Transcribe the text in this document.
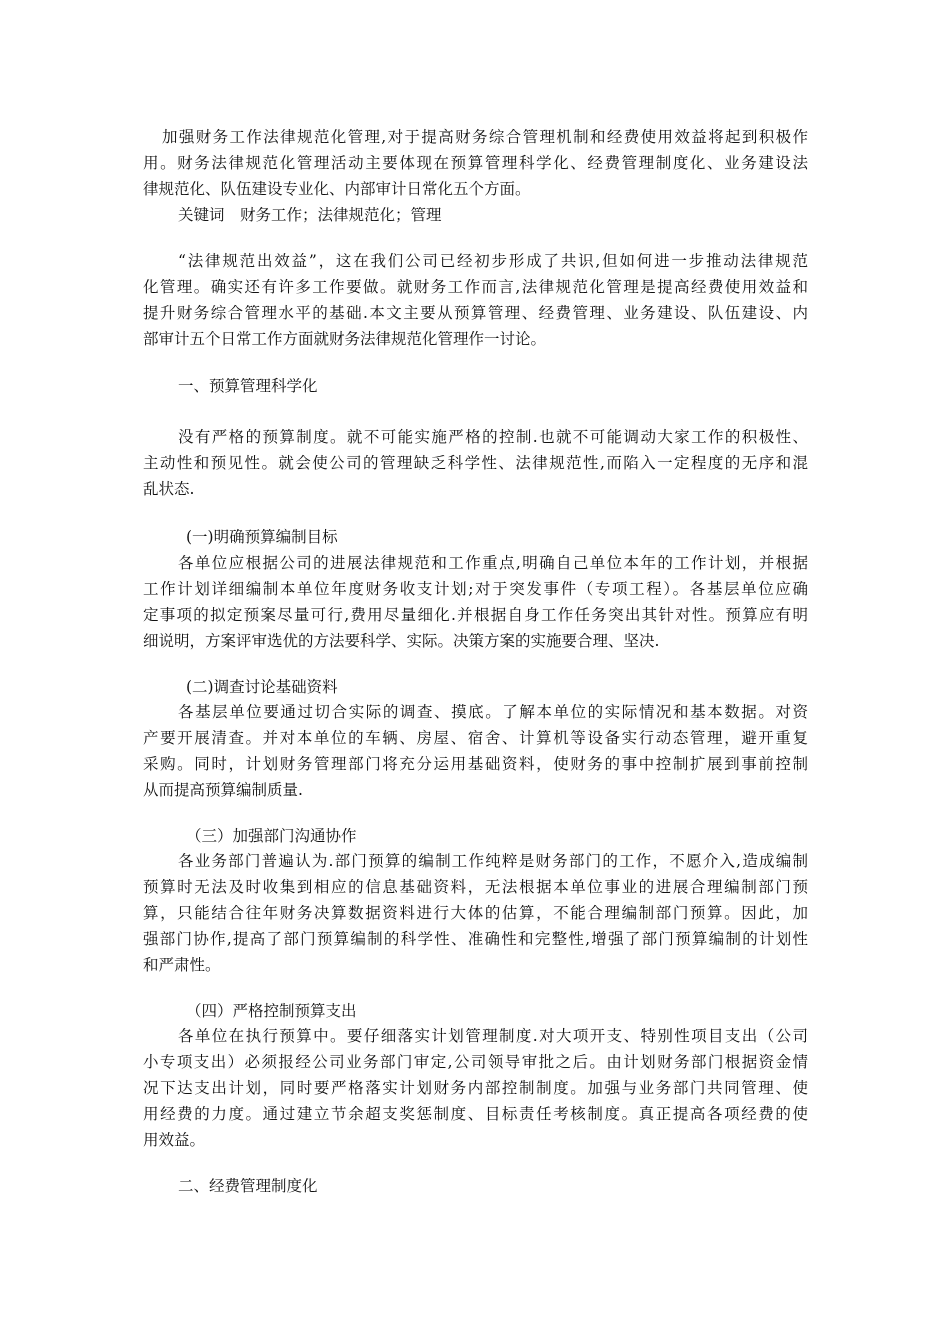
加强财务工作法律规范化管理,对于提高财务综合管理机制和经费使用效益将起到积极作
用。财务法律规范化管理活动主要体现在预算管理科学化、经费管理制度化、业务建设法
律规范化、队伍建设专业化、内部审计日常化五个方面。
关键词　财务工作；法律规范化；管理
“法律规范出效益”，这在我们公司已经初步形成了共识,但如何进一步推动法律规范
化管理。确实还有许多工作要做。就财务工作而言,法律规范化管理是提高经费使用效益和
提升财务综合管理水平的基础.本文主要从预算管理、经费管理、业务建设、队伍建设、内
部审计五个日常工作方面就财务法律规范化管理作一讨论。
一、预算管理科学化
没有严格的预算制度。就不可能实施严格的控制.也就不可能调动大家工作的积极性、
主动性和预见性。就会使公司的管理缺乏科学性、法律规范性,而陷入一定程度的无序和混
乱状态.
(一)明确预算编制目标
各单位应根据公司的进展法律规范和工作重点,明确自己单位本年的工作计划，并根据
工作计划详细编制本单位年度财务收支计划;对于突发事件（专项工程）。各基层单位应确
定事项的拟定预案尽量可行,费用尽量细化.并根据自身工作任务突出其针对性。预算应有明
细说明，方案评审选优的方法要科学、实际。决策方案的实施要合理、坚决.
(二)调查讨论基础资料
各基层单位要通过切合实际的调查、摸底。了解本单位的实际情况和基本数据。对资
产要开展清查。并对本单位的车辆、房屋、宿舍、计算机等设备实行动态管理，避开重复
采购。同时，计划财务管理部门将充分运用基础资料，使财务的事中控制扩展到事前控制
从而提高预算编制质量.
（三）加强部门沟通协作
各业务部门普遍认为.部门预算的编制工作纯粹是财务部门的工作，不愿介入,造成编制
预算时无法及时收集到相应的信息基础资料，无法根据本单位事业的进展合理编制部门预
算，只能结合往年财务决算数据资料进行大体的估算，不能合理编制部门预算。因此，加
强部门协作,提高了部门预算编制的科学性、准确性和完整性,增强了部门预算编制的计划性
和严肃性。
（四）严格控制预算支出
各单位在执行预算中。要仔细落实计划管理制度.对大项开支、特别性项目支出（公司
小专项支出）必须报经公司业务部门审定,公司领导审批之后。由计划财务部门根据资金情
况下达支出计划，同时要严格落实计划财务内部控制制度。加强与业务部门共同管理、使
用经费的力度。通过建立节余超支奖惩制度、目标责任考核制度。真正提高各项经费的使
用效益。
二、经费管理制度化
